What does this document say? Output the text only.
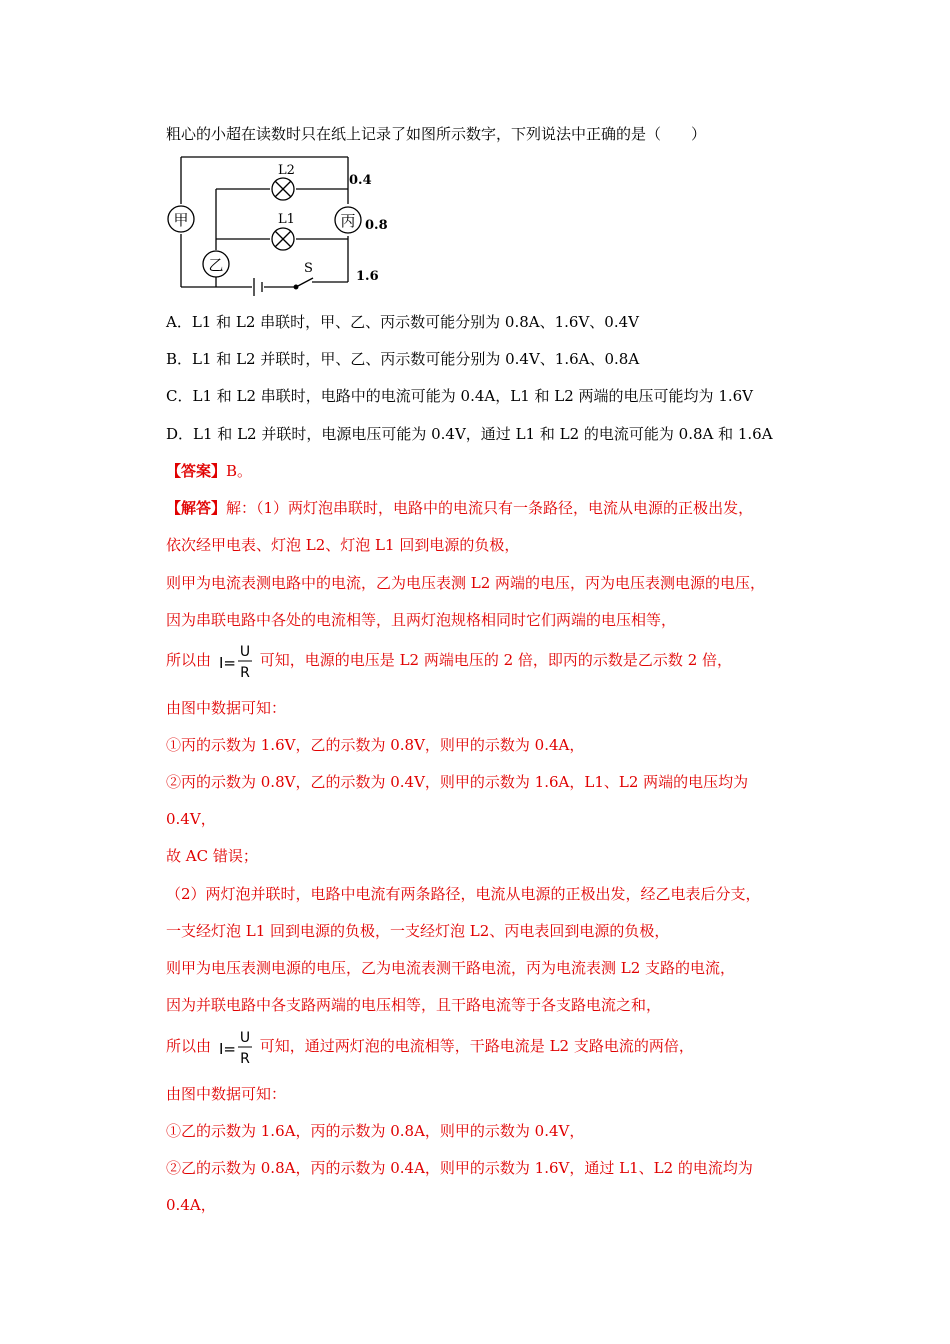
粗心的小超在读数时只在纸上记录了如图所示数字，下列说法中正确的是（　　）
甲	丙
乙
L2
L1
S
0.4
0.8
1.6
A．L1 和 L2 串联时，甲、乙、丙示数可能分别为 0.8A、1.6V、0.4V
B．L1 和 L2 并联时，甲、乙、丙示数可能分别为 0.4V、1.6A、0.8A
C．L1 和 L2 串联时，电路中的电流可能为 0.4A，L1 和 L2 两端的电压可能均为 1.6V
D．L1 和 L2 并联时，电源电压可能为 0.4V，通过 L1 和 L2 的电流可能为 0.8A 和 1.6A
【答案】B。
【解答】解：（1）两灯泡串联时，电路中的电流只有一条路径，电流从电源的正极出发，
依次经甲电表、灯泡 L2、灯泡 L1 回到电源的负极，
则甲为电流表测电路中的电流，乙为电压表测 L2 两端的电压，丙为电压表测电源的电压，
因为串联电路中各处的电流相等，且两灯泡规格相同时它们两端的电压相等，
所以由 I=
U
R
可知，电源的电压是 L2 两端电压的 2 倍，即丙的示数是乙示数 2 倍，
由图中数据可知：
①丙的示数为 1.6V，乙的示数为 0.8V，则甲的示数为 0.4A，
②丙的示数为 0.8V，乙的示数为 0.4V，则甲的示数为 1.6A，L1、L2 两端的电压均为
0.4V，
故 AC 错误；
（2）两灯泡并联时，电路中电流有两条路径，电流从电源的正极出发，经乙电表后分支，
一支经灯泡 L1 回到电源的负极，一支经灯泡 L2、丙电表回到电源的负极，
则甲为电压表测电源的电压，乙为电流表测干路电流，丙为电流表测 L2 支路的电流，
因为并联电路中各支路两端的电压相等，且干路电流等于各支路电流之和，
所以由 I=
U
R
可知，通过两灯泡的电流相等，干路电流是 L2 支路电流的两倍，
由图中数据可知：
①乙的示数为 1.6A，丙的示数为 0.8A，则甲的示数为 0.4V，
②乙的示数为 0.8A，丙的示数为 0.4A，则甲的示数为 1.6V，通过 L1、L2 的电流均为
0.4A，
